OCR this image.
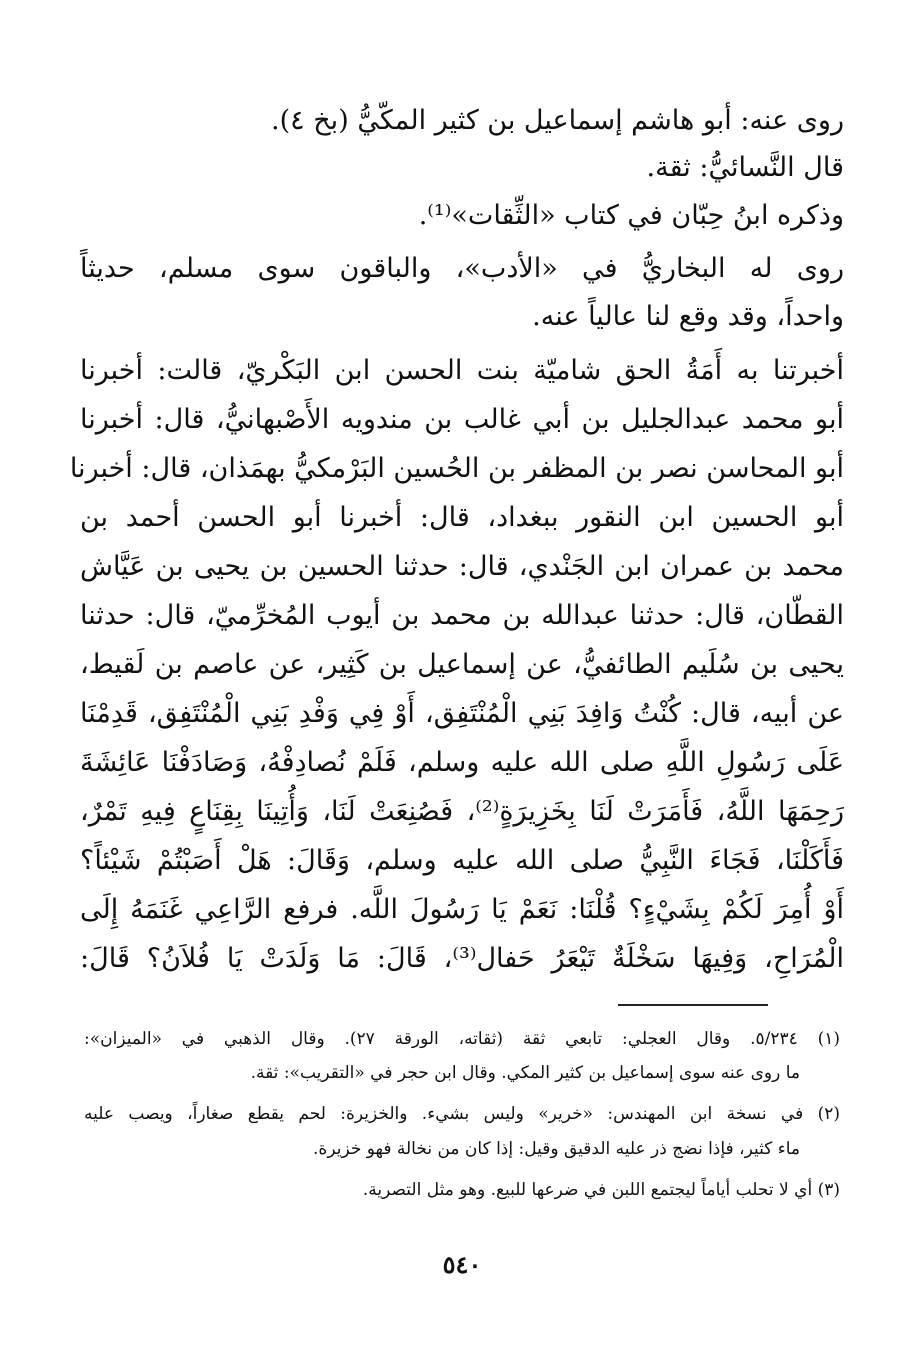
روى عنه: أبو هاشم إسماعيل بن كثير المكّيُّ (بخ ٤).
قال النَّسائيُّ: ثقة.
وذكره ابنُ حِبّان في كتاب «الثِّقات»⁽¹⁾.
روى له البخاريُّ في «الأدب»، والباقون سوى مسلم، حديثاً
واحداً، وقد وقع لنا عالياً عنه.
أخبرتنا به أَمَةُ الحق شاميّة بنت الحسن ابن البَكْريّ، قالت: أخبرنا
أبو محمد عبدالجليل بن أبي غالب بن مندويه الأَصْبهانيُّ، قال: أخبرنا
أبو المحاسن نصر بن المظفر بن الحُسين البَرْمكيُّ بهمَذان، قال: أخبرنا
أبو الحسين ابن النقور ببغداد، قال: أخبرنا أبو الحسن أحمد بن
محمد بن عمران ابن الجَنْدي، قال: حدثنا الحسين بن يحيى بن عَيَّاش
القطّان، قال: حدثنا عبدالله بن محمد بن أيوب المُخرِّميّ، قال: حدثنا
يحيى بن سُلَيم الطائفيُّ، عن إسماعيل بن كَثِير، عن عاصم بن لَقيط،
عن أبيه، قال: كُنْتُ وَافِدَ بَنِي الْمُنْتَفِق، أَوْ فِي وَفْدِ بَنِي الْمُنْتَفِق، قَدِمْنَا
عَلَى رَسُولِ اللَّهِ صلى الله عليه وسلم، فَلَمْ نُصادِفْهُ، وَصَادَفْنَا عَائِشَةَ
رَحِمَهَا اللَّهُ، فَأَمَرَتْ لَنَا بِخَزِيرَةٍ⁽²⁾، فَصُنِعَتْ لَنَا، وَأُتِينَا بِقِنَاعٍ فِيهِ تَمْرٌ،
فَأَكَلْنَا، فَجَاءَ النَّبِيُّ صلى الله عليه وسلم، وَقَالَ: هَلْ أَصَبْتُمْ شَيْئاً؟
أَوْ أُمِرَ لَكُمْ بِشَيْءٍ؟ قُلْنَا: نَعَمْ يَا رَسُولَ اللَّه. فرفع الرَّاعِي غَنَمَهُ إِلَى
الْمُرَاحِ، وَفِيهَا سَخْلَةٌ تَيْعَرُ حَفال⁽³⁾، قَالَ: مَا وَلَدَتْ يَا فُلاَنُ؟ قَالَ:
(١) ٥/٢٣٤. وقال العجلي: تابعي ثقة (ثقاته، الورقة ٢٧). وقال الذهبي في «الميزان»:
ما روى عنه سوى إسماعيل بن كثير المكي. وقال ابن حجر في «التقريب»: ثقة.
(٢) في نسخة ابن المهندس: «خرير» وليس بشيء. والخزيرة: لحم يقطع صغاراً، ويصب عليه
ماء كثير، فإذا نضج ذر عليه الدقيق وقيل: إذا كان من نخالة فهو خزيرة.
(٣) أي لا تحلب أياماً ليجتمع اللبن في ضرعها للبيع. وهو مثل التصرية.
٥٤٠
